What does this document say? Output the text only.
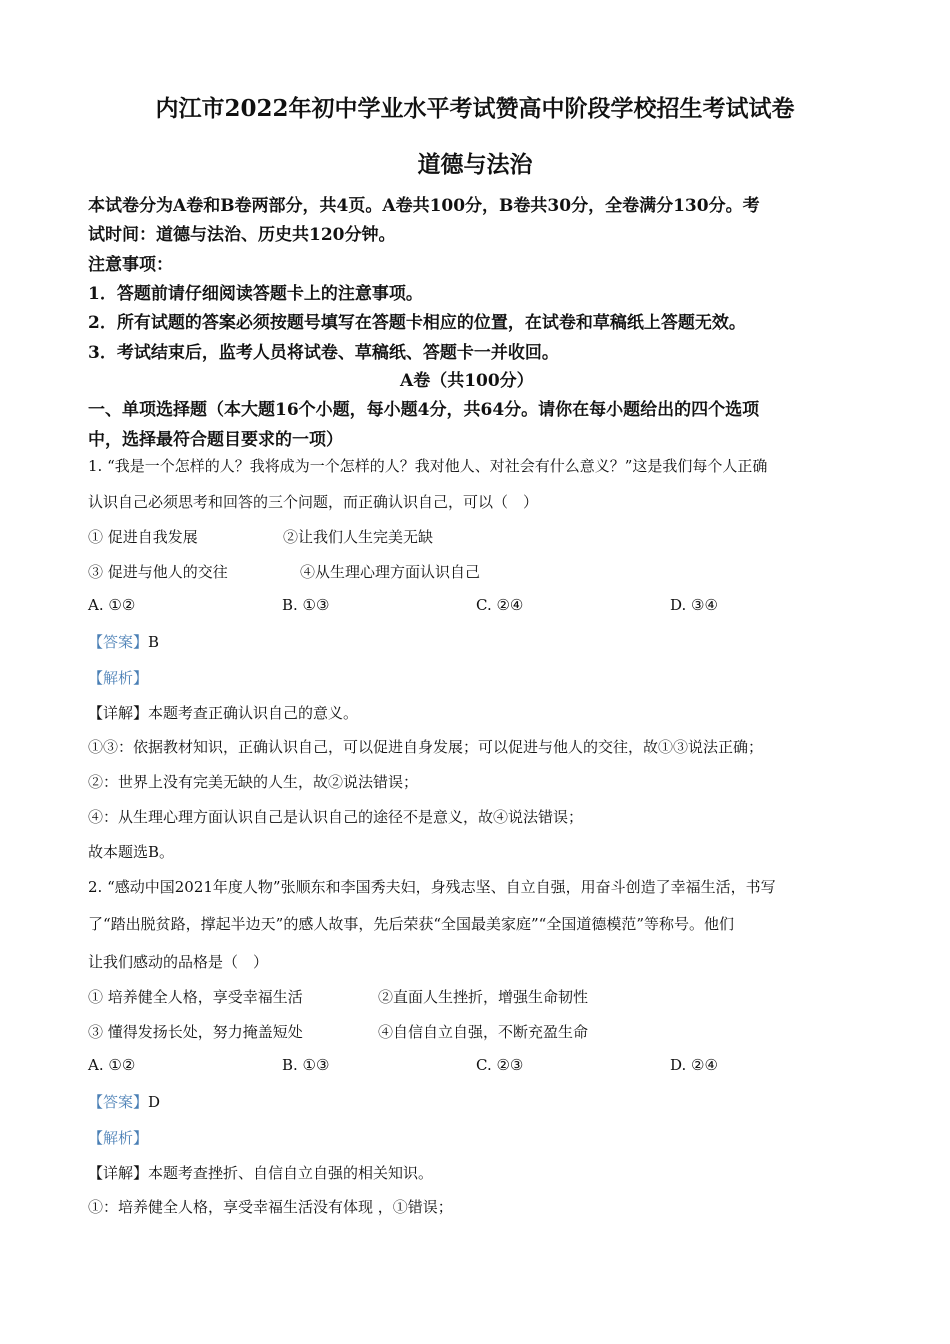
内江市2022年初中学业水平考试赞高中阶段学校招生考试试卷
道德与法治
本试卷分为A卷和B卷两部分，共4页。A卷共100分，B卷共30分，全卷满分130分。考
试时间：道德与法治、历史共120分钟。
注意事项：
1．答题前请仔细阅读答题卡上的注意事项。
2．所有试题的答案必须按题号填写在答题卡相应的位置，在试卷和草稿纸上答题无效。
3．考试结束后，监考人员将试卷、草稿纸、答题卡一并收回。
A卷（共100分）
一、单项选择题（本大题16个小题，每小题4分，共64分。请你在每小题给出的四个选项
中，选择最符合题目要求的一项）
1. “我是一个怎样的人？我将成为一个怎样的人？我对他人、对社会有什么意义？”这是我们每个人正确
认识自己必须思考和回答的三个问题，而正确认识自己，可以（　）
① 促进自我发展	②让我们人生完美无缺
③ 促进与他人的交往	④从生理心理方面认识自己
A. ①②	B. ①③	C. ②④	D. ③④
【答案】B
【解析】
【详解】本题考查正确认识自己的意义。
①③：依据教材知识，正确认识自己，可以促进自身发展；可以促进与他人的交往，故①③说法正确；
②：世界上没有完美无缺的人生，故②说法错误；
④：从生理心理方面认识自己是认识自己的途径不是意义，故④说法错误；
故本题选B。
2. “感动中国2021年度人物”张顺东和李国秀夫妇，身残志坚、自立自强，用奋斗创造了幸福生活，书写
了“踏出脱贫路，撑起半边天”的感人故事，先后荣获“全国最美家庭”“全国道德模范”等称号。他们
让我们感动的品格是（　）
① 培养健全人格，享受幸福生活	②直面人生挫折，增强生命韧性
③ 懂得发扬长处，努力掩盖短处	④自信自立自强，不断充盈生命
A. ①②	B. ①③	C. ②③	D. ②④
【答案】D
【解析】
【详解】本题考查挫折、自信自立自强的相关知识。
①：培养健全人格，享受幸福生活没有体现 ，①错误；
